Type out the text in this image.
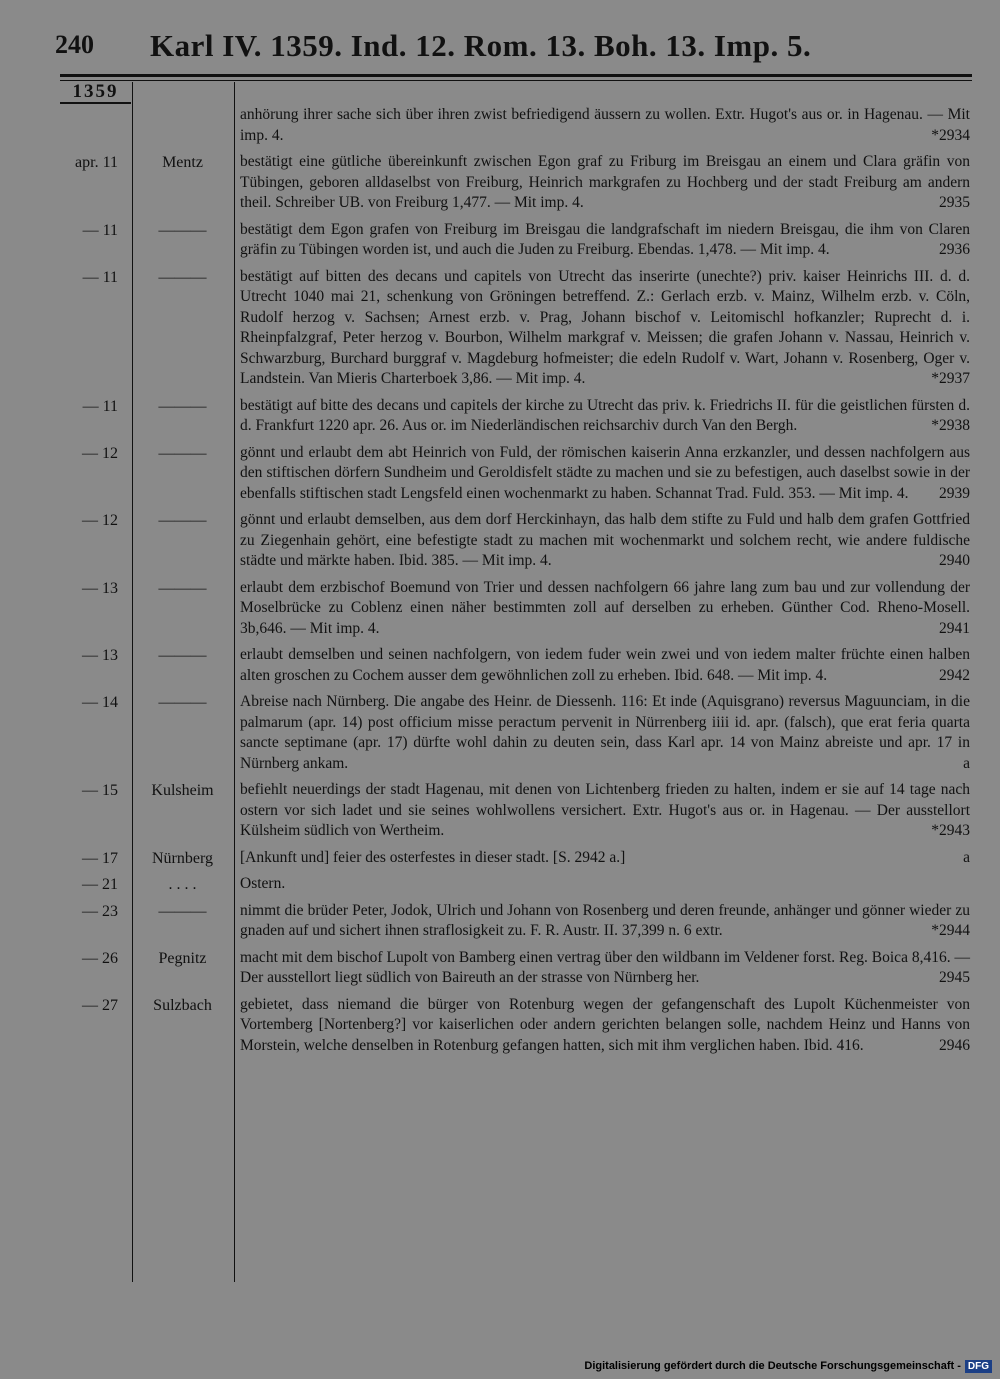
240 Karl IV. 1359. Ind. 12. Rom. 13. Boh. 13. Imp. 5.
1359
anhörung ihrer sache sich über ihren zwist befriedigend äussern zu wollen. Extr. Hugot's aus or. in Hagenau. — Mit imp. 4.	*2934
apr. 11	Mentz	bestätigt eine gütliche übereinkunft zwischen Egon graf zu Friburg im Breisgau an einem und Clara gräfin von Tübingen, geboren alldaselbst von Freiburg, Heinrich markgrafen zu Hochberg und der stadt Freiburg am andern theil. Schreiber UB. von Freiburg 1,477. — Mit imp. 4.	2935
— 11	———	bestätigt dem Egon grafen von Freiburg im Breisgau die landgrafschaft im niedern Breisgau, die ihm von Claren gräfin zu Tübingen worden ist, und auch die Juden zu Freiburg. Ebendas. 1,478. — Mit imp. 4.	2936
— 11	———	bestätigt auf bitten des decans und capitels von Utrecht das inserirte (unechte?) priv. kaiser Heinrichs III. d. d. Utrecht 1040 mai 21, schenkung von Gröningen betreffend. Z.: Gerlach erzb. v. Mainz, Wilhelm erzb. v. Cöln, Rudolf herzog v. Sachsen; Arnest erzb. v. Prag, Johann bischof v. Leitomischl hofkanzler; Ruprecht d. i. Rheinpfalzgraf, Peter herzog v. Bourbon, Wilhelm markgraf v. Meissen; die grafen Johann v. Nassau, Heinrich v. Schwarzburg, Burchard burggraf v. Magdeburg hofmeister; die edeln Rudolf v. Wart, Johann v. Rosenberg, Oger v. Landstein. Van Mieris Charterboek 3,86. — Mit imp. 4.	*2937
— 11	———	bestätigt auf bitte des decans und capitels der kirche zu Utrecht das priv. k. Friedrichs II. für die geistlichen fürsten d. d. Frankfurt 1220 apr. 26. Aus or. im Niederländischen reichsarchiv durch Van den Bergh.	*2938
— 12	———	gönnt und erlaubt dem abt Heinrich von Fuld, der römischen kaiserin Anna erzkanzler, und dessen nachfolgern aus den stiftischen dörfern Sundheim und Geroldisfelt städte zu machen und sie zu befestigen, auch daselbst sowie in der ebenfalls stiftischen stadt Lengsfeld einen wochenmarkt zu haben. Schannat Trad. Fuld. 353. — Mit imp. 4. 2939
— 12	———	gönnt und erlaubt demselben, aus dem dorf Herckinhayn, das halb dem stifte zu Fuld und halb dem grafen Gottfried zu Ziegenhain gehört, eine befestigte stadt zu machen mit wochenmarkt und solchem recht, wie andere fuldische städte und märkte haben. Ibid. 385. — Mit imp. 4.	2940
— 13	———	erlaubt dem erzbischof Boemund von Trier und dessen nachfolgern 66 jahre lang zum bau und zur vollendung der Moselbrücke zu Coblenz einen näher bestimmten zoll auf derselben zu erheben. Günther Cod. Rheno-Mosell. 3b,646. — Mit imp. 4.	2941
— 13	———	erlaubt demselben und seinen nachfolgern, von iedem fuder wein zwei und von iedem malter früchte einen halben alten groschen zu Cochem ausser dem gewöhnlichen zoll zu erheben. Ibid. 648. — Mit imp. 4.	2942
— 14	———	Abreise nach Nürnberg. Die angabe des Heinr. de Diessenh. 116: Et inde (Aquisgrano) reversus Maguunciam, in die palmarum (apr. 14) post officium misse peractum pervenit in Nürrenberg iiii id. apr. (falsch), que erat feria quarta sancte septimane (apr. 17) dürfte wohl dahin zu deuten sein, dass Karl apr. 14 von Mainz abreiste und apr. 17 in Nürnberg ankam.	a
— 15	Kulsheim	befiehlt neuerdings der stadt Hagenau, mit denen von Lichtenberg frieden zu halten, indem er sie auf 14 tage nach ostern vor sich ladet und sie seines wohlwollens versichert. Extr. Hugot's aus or. in Hagenau. — Der ausstellort Külsheim südlich von Wertheim.	*2943
— 17	Nürnberg	[Ankunft und] feier des osterfestes in dieser stadt. [S. 2942 a.]	a
— 21	. . . .	Ostern.
— 23	———	nimmt die brüder Peter, Jodok, Ulrich und Johann von Rosenberg und deren freunde, anhänger und gönner wieder zu gnaden auf und sichert ihnen straflosigkeit zu. F. R. Austr. II. 37,399 n. 6 extr.	*2944
— 26	Pegnitz	macht mit dem bischof Lupolt von Bamberg einen vertrag über den wildbann im Veldener forst. Reg. Boica 8,416. — Der ausstellort liegt südlich von Baireuth an der strasse von Nürnberg her.	2945
— 27	Sulzbach	gebietet, dass niemand die bürger von Rotenburg wegen der gefangenschaft des Lupolt Küchenmeister von Vortemberg [Nortenberg?] vor kaiserlichen oder andern gerichten belangen solle, nachdem Heinz und Hanns von Morstein, welche denselben in Rotenburg gefangen hatten, sich mit ihm verglichen haben. Ibid. 416.	2946
Digitalisierung gefördert durch die Deutsche Forschungsgemeinschaft - DFG
